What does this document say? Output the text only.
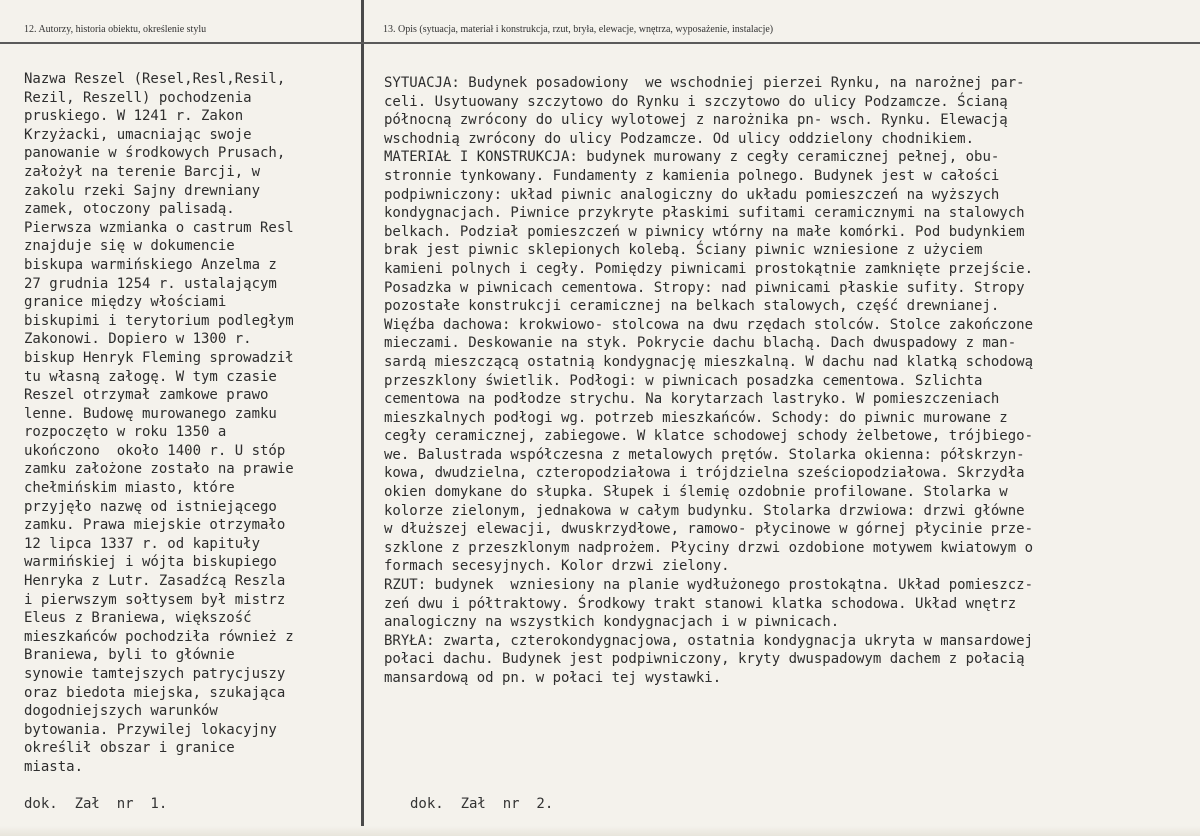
12. Autorzy, historia obiektu, określenie stylu	13. Opis (sytuacja, materiał i konstrukcja, rzut, bryła, elewacje, wnętrza, wyposażenie, instalacje)
Nazwa Reszel (Resel,Resl,Resil,
Rezil, Reszell) pochodzenia
pruskiego. W 1241 r. Zakon
Krzyżacki, umacniając swoje
panowanie w środkowych Prusach,
założył na terenie Barcji, w
zakolu rzeki Sajny drewniany
zamek, otoczony palisadą.
Pierwsza wzmianka o castrum Resl
znajduje się w dokumencie
biskupa warmińskiego Anzelma z
27 grudnia 1254 r. ustalającym
granice między włościami
biskupimi i terytorium podległym
Zakonowi. Dopiero w 1300 r.
biskup Henryk Fleming sprowadził
tu własną załogę. W tym czasie
Reszel otrzymał zamkowe prawo
lenne. Budowę murowanego zamku
rozpoczęto w roku 1350 a
ukończono  około 1400 r. U stóp
zamku założone zostało na prawie
chełmińskim miasto, które
przyjęło nazwę od istniejącego
zamku. Prawa miejskie otrzymało
12 lipca 1337 r. od kapituły
warmińskiej i wójta biskupiego
Henryka z Lutr. Zasadźcą Reszla
i pierwszym sołtysem był mistrz
Eleus z Braniewa, większość
mieszkańców pochodziła również z
Braniewa, byli to głównie
synowie tamtejszych patrycjuszy
oraz biedota miejska, szukająca
dogodniejszych warunków
bytowania. Przywilej lokacyjny
określił obszar i granice
miasta.
SYTUACJA: Budynek posadowiony  we wschodniej pierzei Rynku, na narożnej par-
celi. Usytuowany szczytowo do Rynku i szczytowo do ulicy Podzamcze. Ścianą
północną zwrócony do ulicy wylotowej z narożnika pn- wsch. Rynku. Elewacją
wschodnią zwrócony do ulicy Podzamcze. Od ulicy oddzielony chodnikiem.
MATERIAŁ I KONSTRUKCJA: budynek murowany z cegły ceramicznej pełnej, obu-
stronnie tynkowany. Fundamenty z kamienia polnego. Budynek jest w całości
podpiwniczony: układ piwnic analogiczny do układu pomieszczeń na wyższych
kondygnacjach. Piwnice przykryte płaskimi sufitami ceramicznymi na stalowych
belkach. Podział pomieszczeń w piwnicy wtórny na małe komórki. Pod budynkiem
brak jest piwnic sklepionych kolebą. Ściany piwnic wzniesione z użyciem
kamieni polnych i cegły. Pomiędzy piwnicami prostokątnie zamknięte przejście.
Posadzka w piwnicach cementowa. Stropy: nad piwnicami płaskie sufity. Stropy
pozostałe konstrukcji ceramicznej na belkach stalowych, część drewnianej.
Więźba dachowa: krokwiowo- stolcowa na dwu rzędach stolców. Stolce zakończone
mieczami. Deskowanie na styk. Pokrycie dachu blachą. Dach dwuspadowy z man-
sardą mieszczącą ostatnią kondygnację mieszkalną. W dachu nad klatką schodową
przeszklony świetlik. Podłogi: w piwnicach posadzka cementowa. Szlichta
cementowa na podłodze strychu. Na korytarzach lastryko. W pomieszczeniach
mieszkalnych podłogi wg. potrzeb mieszkańców. Schody: do piwnic murowane z
cegły ceramicznej, zabiegowe. W klatce schodowej schody żelbetowe, trójbiego-
we. Balustrada współczesna z metalowych prętów. Stolarka okienna: półskrzyn-
kowa, dwudzielna, czteropodziałowa i trójdzielna sześciopodziałowa. Skrzydła
okien domykane do słupka. Słupek i ślemię ozdobnie profilowane. Stolarka w
kolorze zielonym, jednakowa w całym budynku. Stolarka drzwiowa: drzwi główne
w dłuższej elewacji, dwuskrzydłowe, ramowo- płycinowe w górnej płycinie prze-
szklone z przeszklonym nadprożem. Płyciny drzwi ozdobione motywem kwiatowym o
formach secesyjnych. Kolor drzwi zielony.
RZUT: budynek  wzniesiony na planie wydłużonego prostokątna. Układ pomieszcz-
zeń dwu i półtraktowy. Środkowy trakt stanowi klatka schodowa. Układ wnętrz
analogiczny na wszystkich kondygnacjach i w piwnicach.
BRYŁA: zwarta, czterokondygnacjowa, ostatnia kondygnacja ukryta w mansardowej
połaci dachu. Budynek jest podpiwniczony, kryty dwuspadowym dachem z połacią
mansardową od pn. w połaci tej wystawki.
dok.  Zał  nr  1.	dok.  Zał  nr  2.
